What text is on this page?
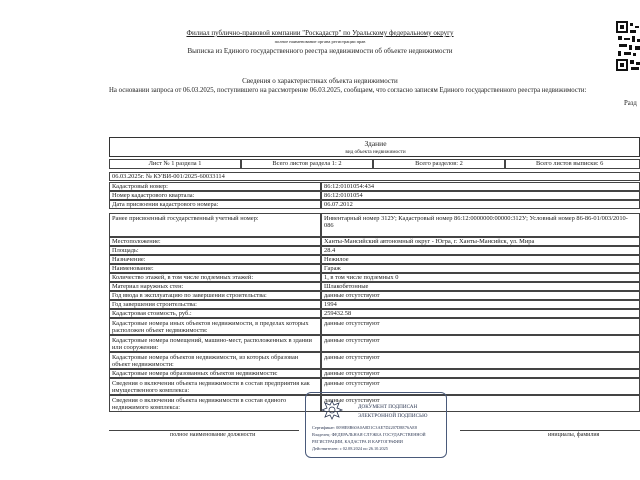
Филиал публично-правовой компании "Роскадастр" по Уральскому федеральному округу
полное наименование органа регистрации прав
Выписка из Единого государственного реестра недвижимости об объекте недвижимости
Сведения о характеристиках объекта недвижимости
На основании запроса от 06.03.2025, поступившего на рассмотрение 06.03.2025, сообщаем, что согласно записям Единого государственного реестра недвижимости:
Разд
Здание
вид объекта недвижимости
Лист № 1 раздела 1	Всего листов раздела 1: 2	Всего разделов: 2	Всего листов выписки: 6
06.03.2025г. № КУВИ-001/2025-60033114
Кадастровый номер:	86:12:0101054:434
Номер кадастрового квартала:	86:12:0101054
Дата присвоения кадастрового номера:	06.07.2012
Ранее присвоенный государственный учетный номер:	Инвентарный номер 312У; Кадастровый номер 86:12:0000000:00000:312У; Условный номер 86-86-01/003/2010-086
Местоположение:	Ханты-Мансийский автономный округ - Югра, г. Ханты-Мансийск, ул. Мира
Площадь:	28.4
Назначение:	Нежилое
Наименование:	Гараж
Количество этажей, в том числе подземных этажей:	1, в том числе подземных 0
Материал наружных стен:	Шлакобетонные
Год ввода в эксплуатацию по завершении строительства:	данные отсутствуют
Год завершения строительства:	1994
Кадастровая стоимость, руб.:	259432.58
Кадастровые номера иных объектов недвижимости, в пределах которых расположен объект недвижимости:
данные отсутствуют
Кадастровые номера помещений, машино-мест, расположенных в здании или сооружении:
данные отсутствуют
Кадастровые номера объектов недвижимости, из которых образован объект недвижимости:
данные отсутствуют
Кадастровые номера образованных объектов недвижимости:	данные отсутствуют
Сведения о включении объекта недвижимости в состав предприятия как имущественного комплекса:
данные отсутствуют
Сведения о включении объекта недвижимости в состав единого недвижимого комплекса:
данные отсутствуют
полное наименование должности	инициалы, фамилия
ДОКУМЕНТ ПОДПИСАН
ЭЛЕКТРОННОЙ ПОДПИСЬЮ
Сертификат: 0098E8B60A0A8D1C3AE7D2207D8E76AE8
Владелец: ФЕДЕРАЛЬНАЯ СЛУЖБА ГОСУДАРСТВЕННОЙ
РЕГИСТРАЦИИ, КАДАСТРА И КАРТОГРАФИИ
Действителен: с 02.08.2024 по 26.10.2025
